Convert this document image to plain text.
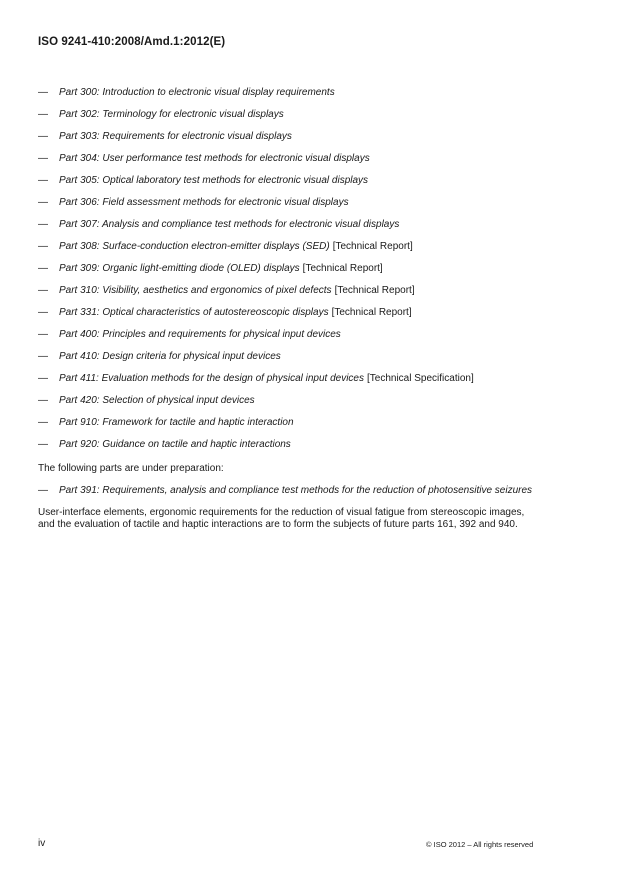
ISO 9241-410:2008/Amd.1:2012(E)
—	Part 300: Introduction to electronic visual display requirements
—	Part 302: Terminology for electronic visual displays
—	Part 303: Requirements for electronic visual displays
—	Part 304: User performance test methods for electronic visual displays
—	Part 305: Optical laboratory test methods for electronic visual displays
—	Part 306: Field assessment methods for electronic visual displays
—	Part 307: Analysis and compliance test methods for electronic visual displays
—	Part 308: Surface-conduction electron-emitter displays (SED) [Technical Report]
—	Part 309: Organic light-emitting diode (OLED) displays [Technical Report]
—	Part 310: Visibility, aesthetics and ergonomics of pixel defects [Technical Report]
—	Part 331: Optical characteristics of autostereoscopic displays [Technical Report]
—	Part 400: Principles and requirements for physical input devices
—	Part 410: Design criteria for physical input devices
—	Part 411: Evaluation methods for the design of physical input devices [Technical Specification]
—	Part 420: Selection of physical input devices
—	Part 910: Framework for tactile and haptic interaction
—	Part 920: Guidance on tactile and haptic interactions
The following parts are under preparation:
—	Part 391: Requirements, analysis and compliance test methods for the reduction of photosensitive seizures
User-interface elements, ergonomic requirements for the reduction of visual fatigue from stereoscopic images,
and the evaluation of tactile and haptic interactions are to form the subjects of future parts 161, 392 and 940.
iv	© ISO 2012 – All rights reserved
